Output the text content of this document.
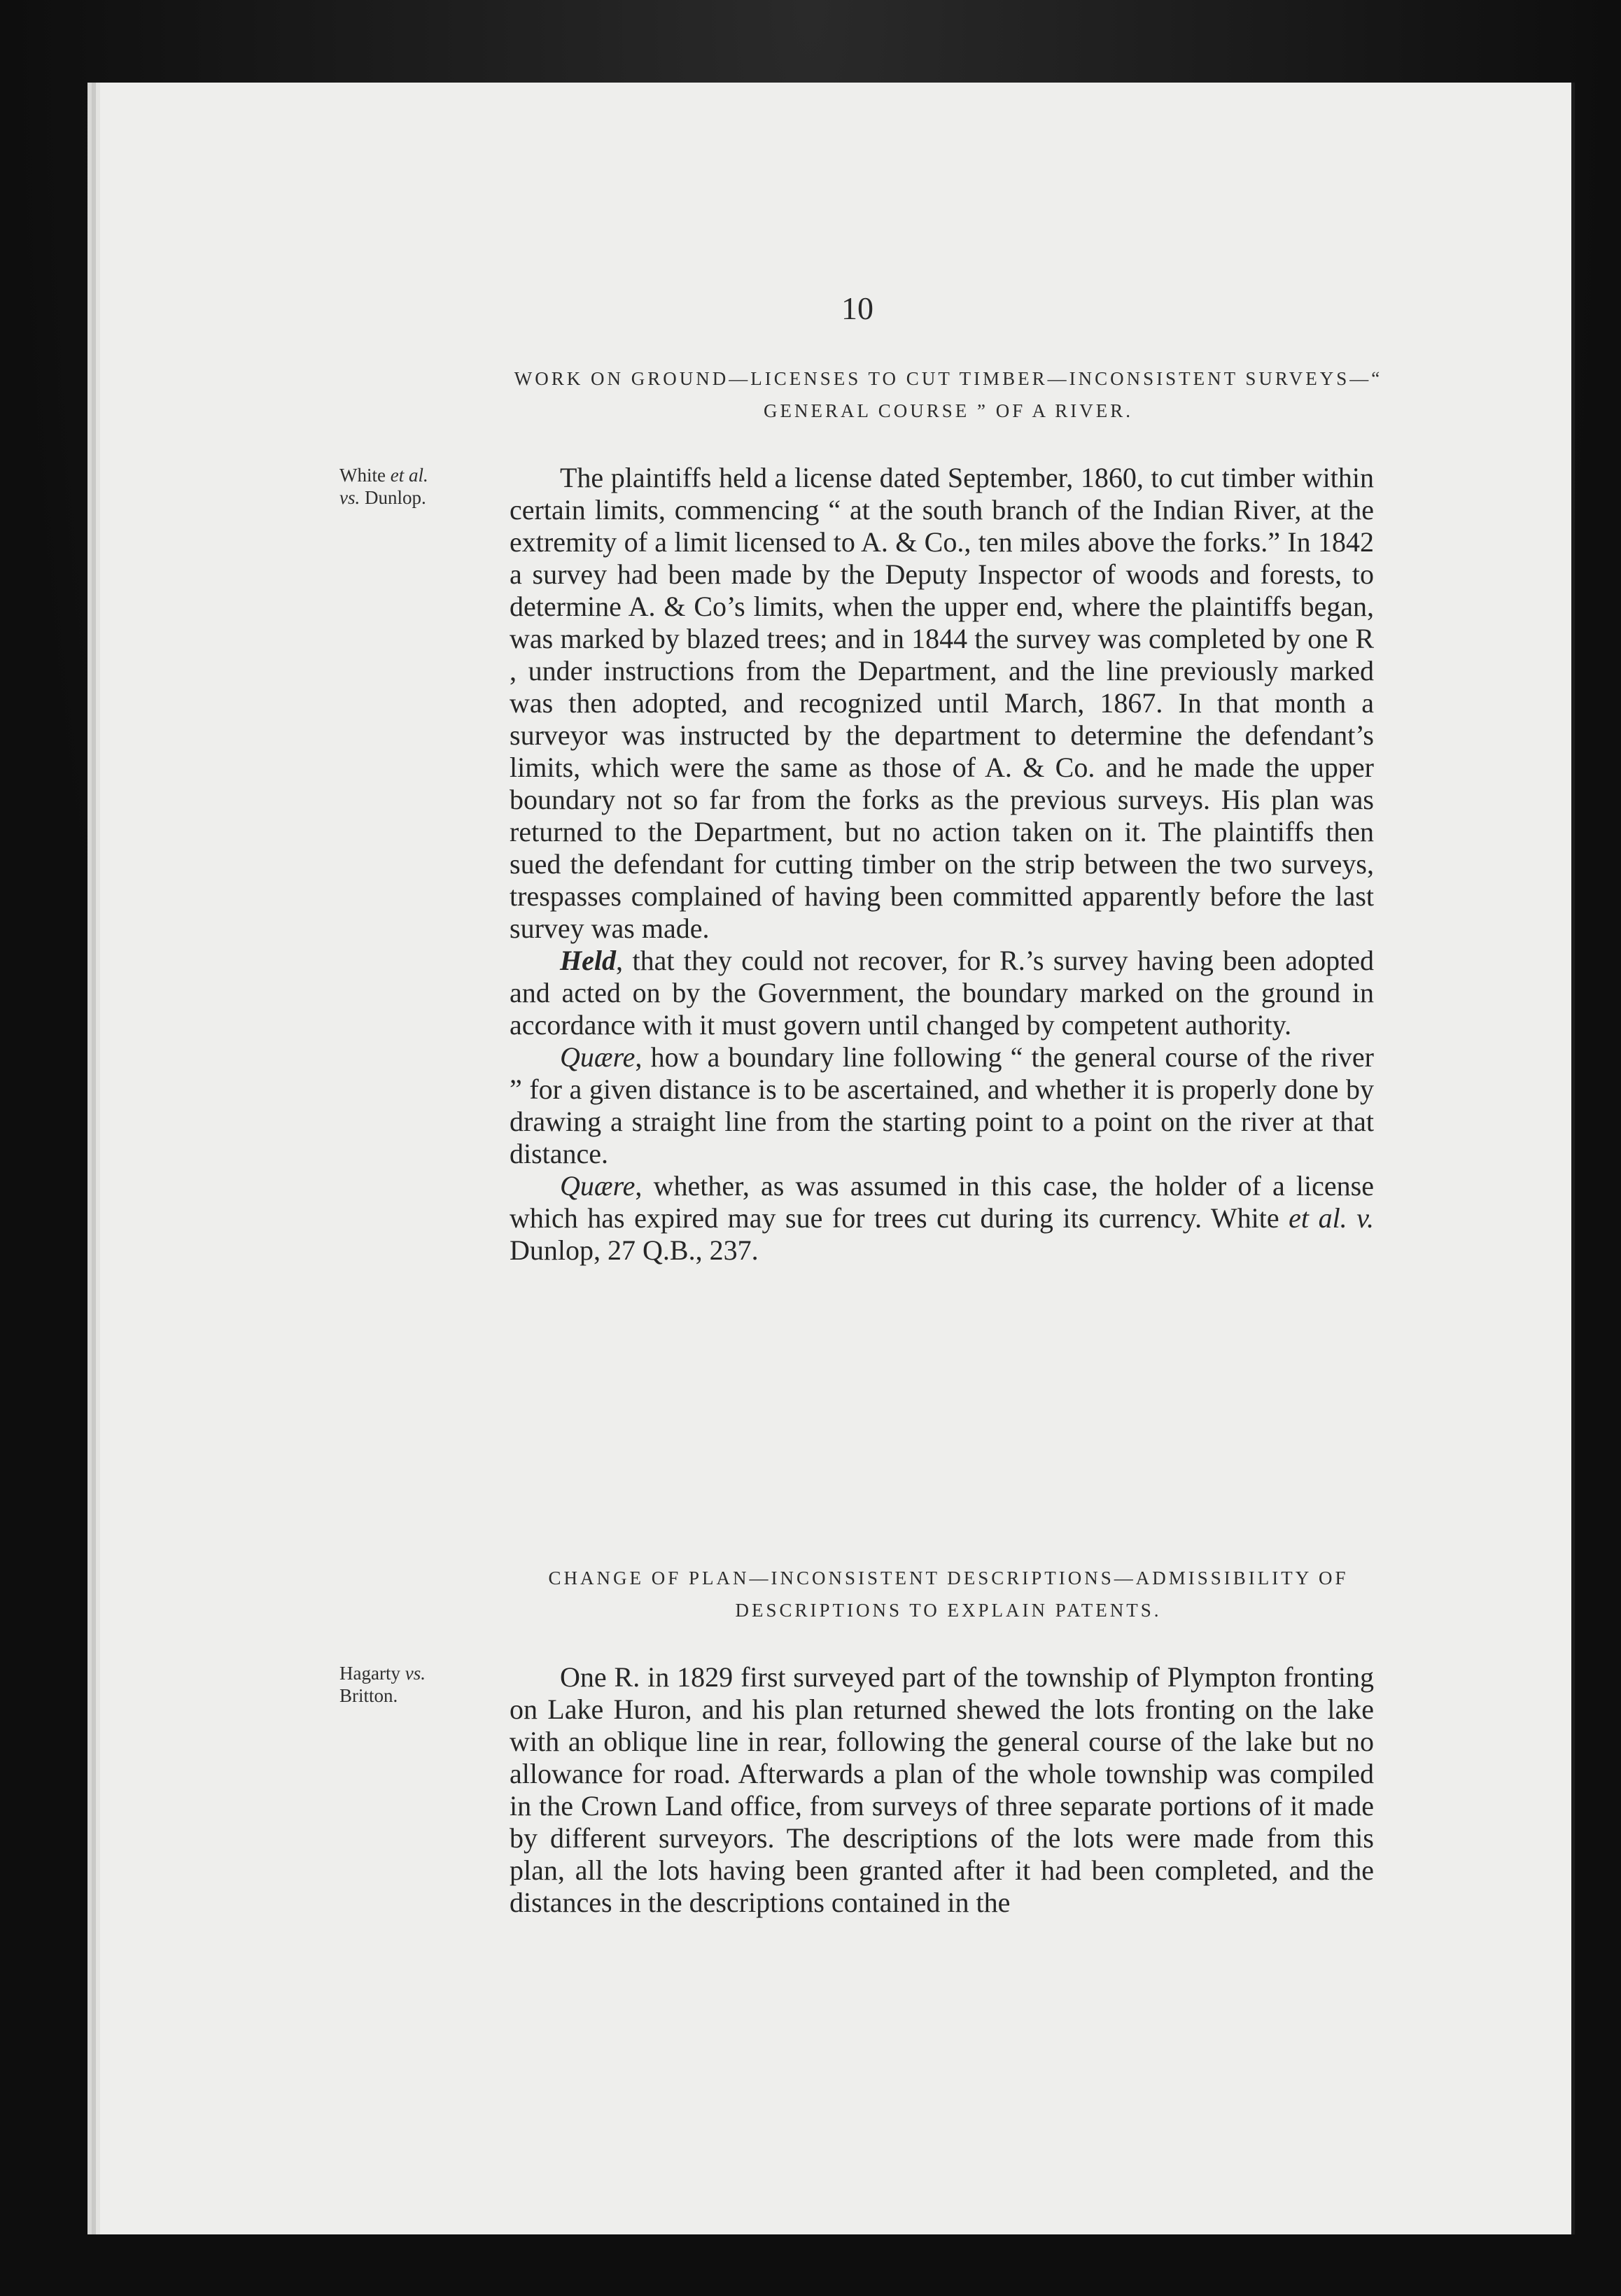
10
WORK ON GROUND—LICENSES TO CUT TIMBER—INCONSISTENT SURVEYS—“ GENERAL COURSE ” OF A RIVER.
White et al.
vs. Dunlop.

The plaintiffs held a license dated September, 1860, to cut timber within certain limits, commencing “ at the south branch of the Indian River, at the extremity of a limit licensed to A. & Co., ten miles above the forks.” In 1842 a survey had been made by the Deputy Inspector of woods and forests, to determine A. & Co’s limits, when the upper end, where the plaintiffs began, was marked by blazed trees; and in 1844 the survey was completed by one R , under instructions from the Department, and the line previously marked was then adopted, and recognized until March, 1867. In that month a surveyor was instructed by the department to determine the defendant’s limits, which were the same as those of A. & Co. and he made the upper boundary not so far from the forks as the previous surveys. His plan was returned to the Department, but no action taken on it. The plaintiffs then sued the defendant for cutting timber on the strip between the two surveys, trespasses complained of having been committed apparently before the last survey was made.

Held, that they could not recover, for R.’s survey having been adopted and acted on by the Government, the boundary marked on the ground in accordance with it must govern until changed by competent authority.

Quære, how a boundary line following “ the general course of the river ” for a given distance is to be ascertained, and whether it is properly done by drawing a straight line from the starting point to a point on the river at that distance.

Quære, whether, as was assumed in this case, the holder of a license which has expired may sue for trees cut during its currency. White et al. v. Dunlop, 27 Q.B., 237.

CHANGE OF PLAN—INCONSISTENT DESCRIPTIONS—ADMISSIBILITY OF DESCRIPTIONS TO EXPLAIN PATENTS.
Hagarty vs.
Britton.

One R. in 1829 first surveyed part of the township of Plympton fronting on Lake Huron, and his plan returned shewed the lots fronting on the lake with an oblique line in rear, following the general course of the lake but no allowance for road. Afterwards a plan of the whole township was compiled in the Crown Land office, from surveys of three separate portions of it made by different surveyors. The descriptions of the lots were made from this plan, all the lots having been granted after it had been completed, and the distances in the descriptions contained in the
